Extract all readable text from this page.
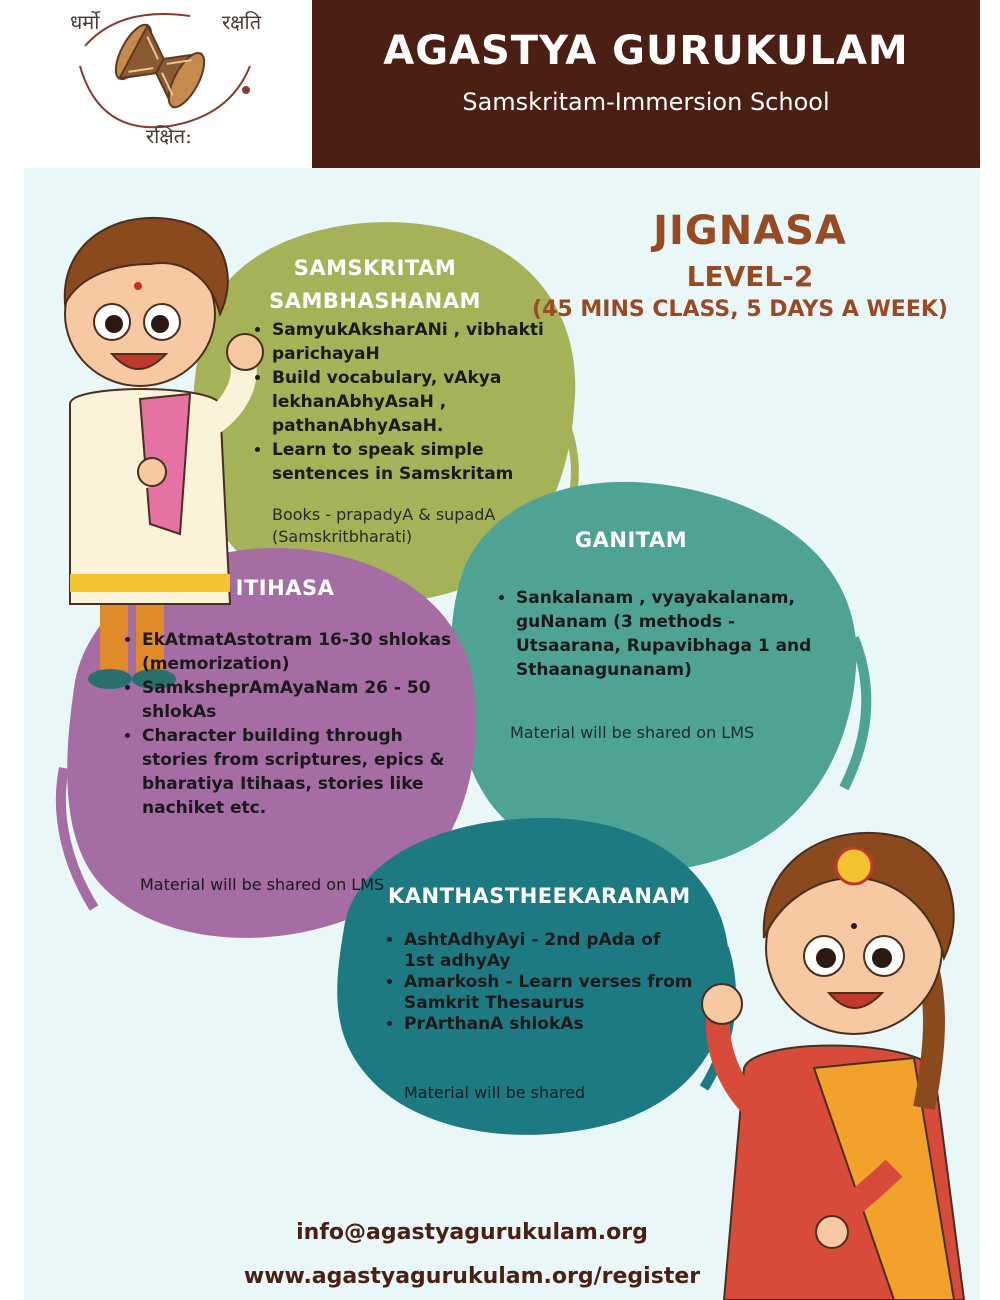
धर्मो	रक्षति
रक्षित:
AGASTYA GURUKULAM
Samskritam-Immersion School
JIGNASA
LEVEL-2
(45 MINS CLASS, 5 DAYS A WEEK)
SAMSKRITAM
SAMBHASHANAM
• SamyukAksharANi , vibhakti parichayaH
• Build vocabulary, vAkya lekhanAbhyAsaH , pathanAbhyAsaH.
• Learn to speak simple sentences in Samskritam
Books - prapadyA & supadA (Samskritbharati)	GANITAM
• Sankalanam , vyayakalanam, guNanam (3 methods - Utsaarana, Rupavibhaga 1 and Sthaanagunanam)
Material will be shared on LMS
ITIHASA
• EkAtmatAstotram 16-30 shlokas (memorization)
• SamksheprAmAyaNam 26 - 50 shlokAs
• Character building through stories from scriptures, epics & bharatiya Itihaas, stories like nachiket etc.
Material will be shared on LMS KANTHASTHEEKARANAM
• AshtAdhyAyi - 2nd pAda of 1st adhyAy
• Amarkosh - Learn verses from Samkrit Thesaurus
• PrArthanA shlokAs
Material will be shared
info@agastyagurukulam.org
www.agastyagurukulam.org/register
